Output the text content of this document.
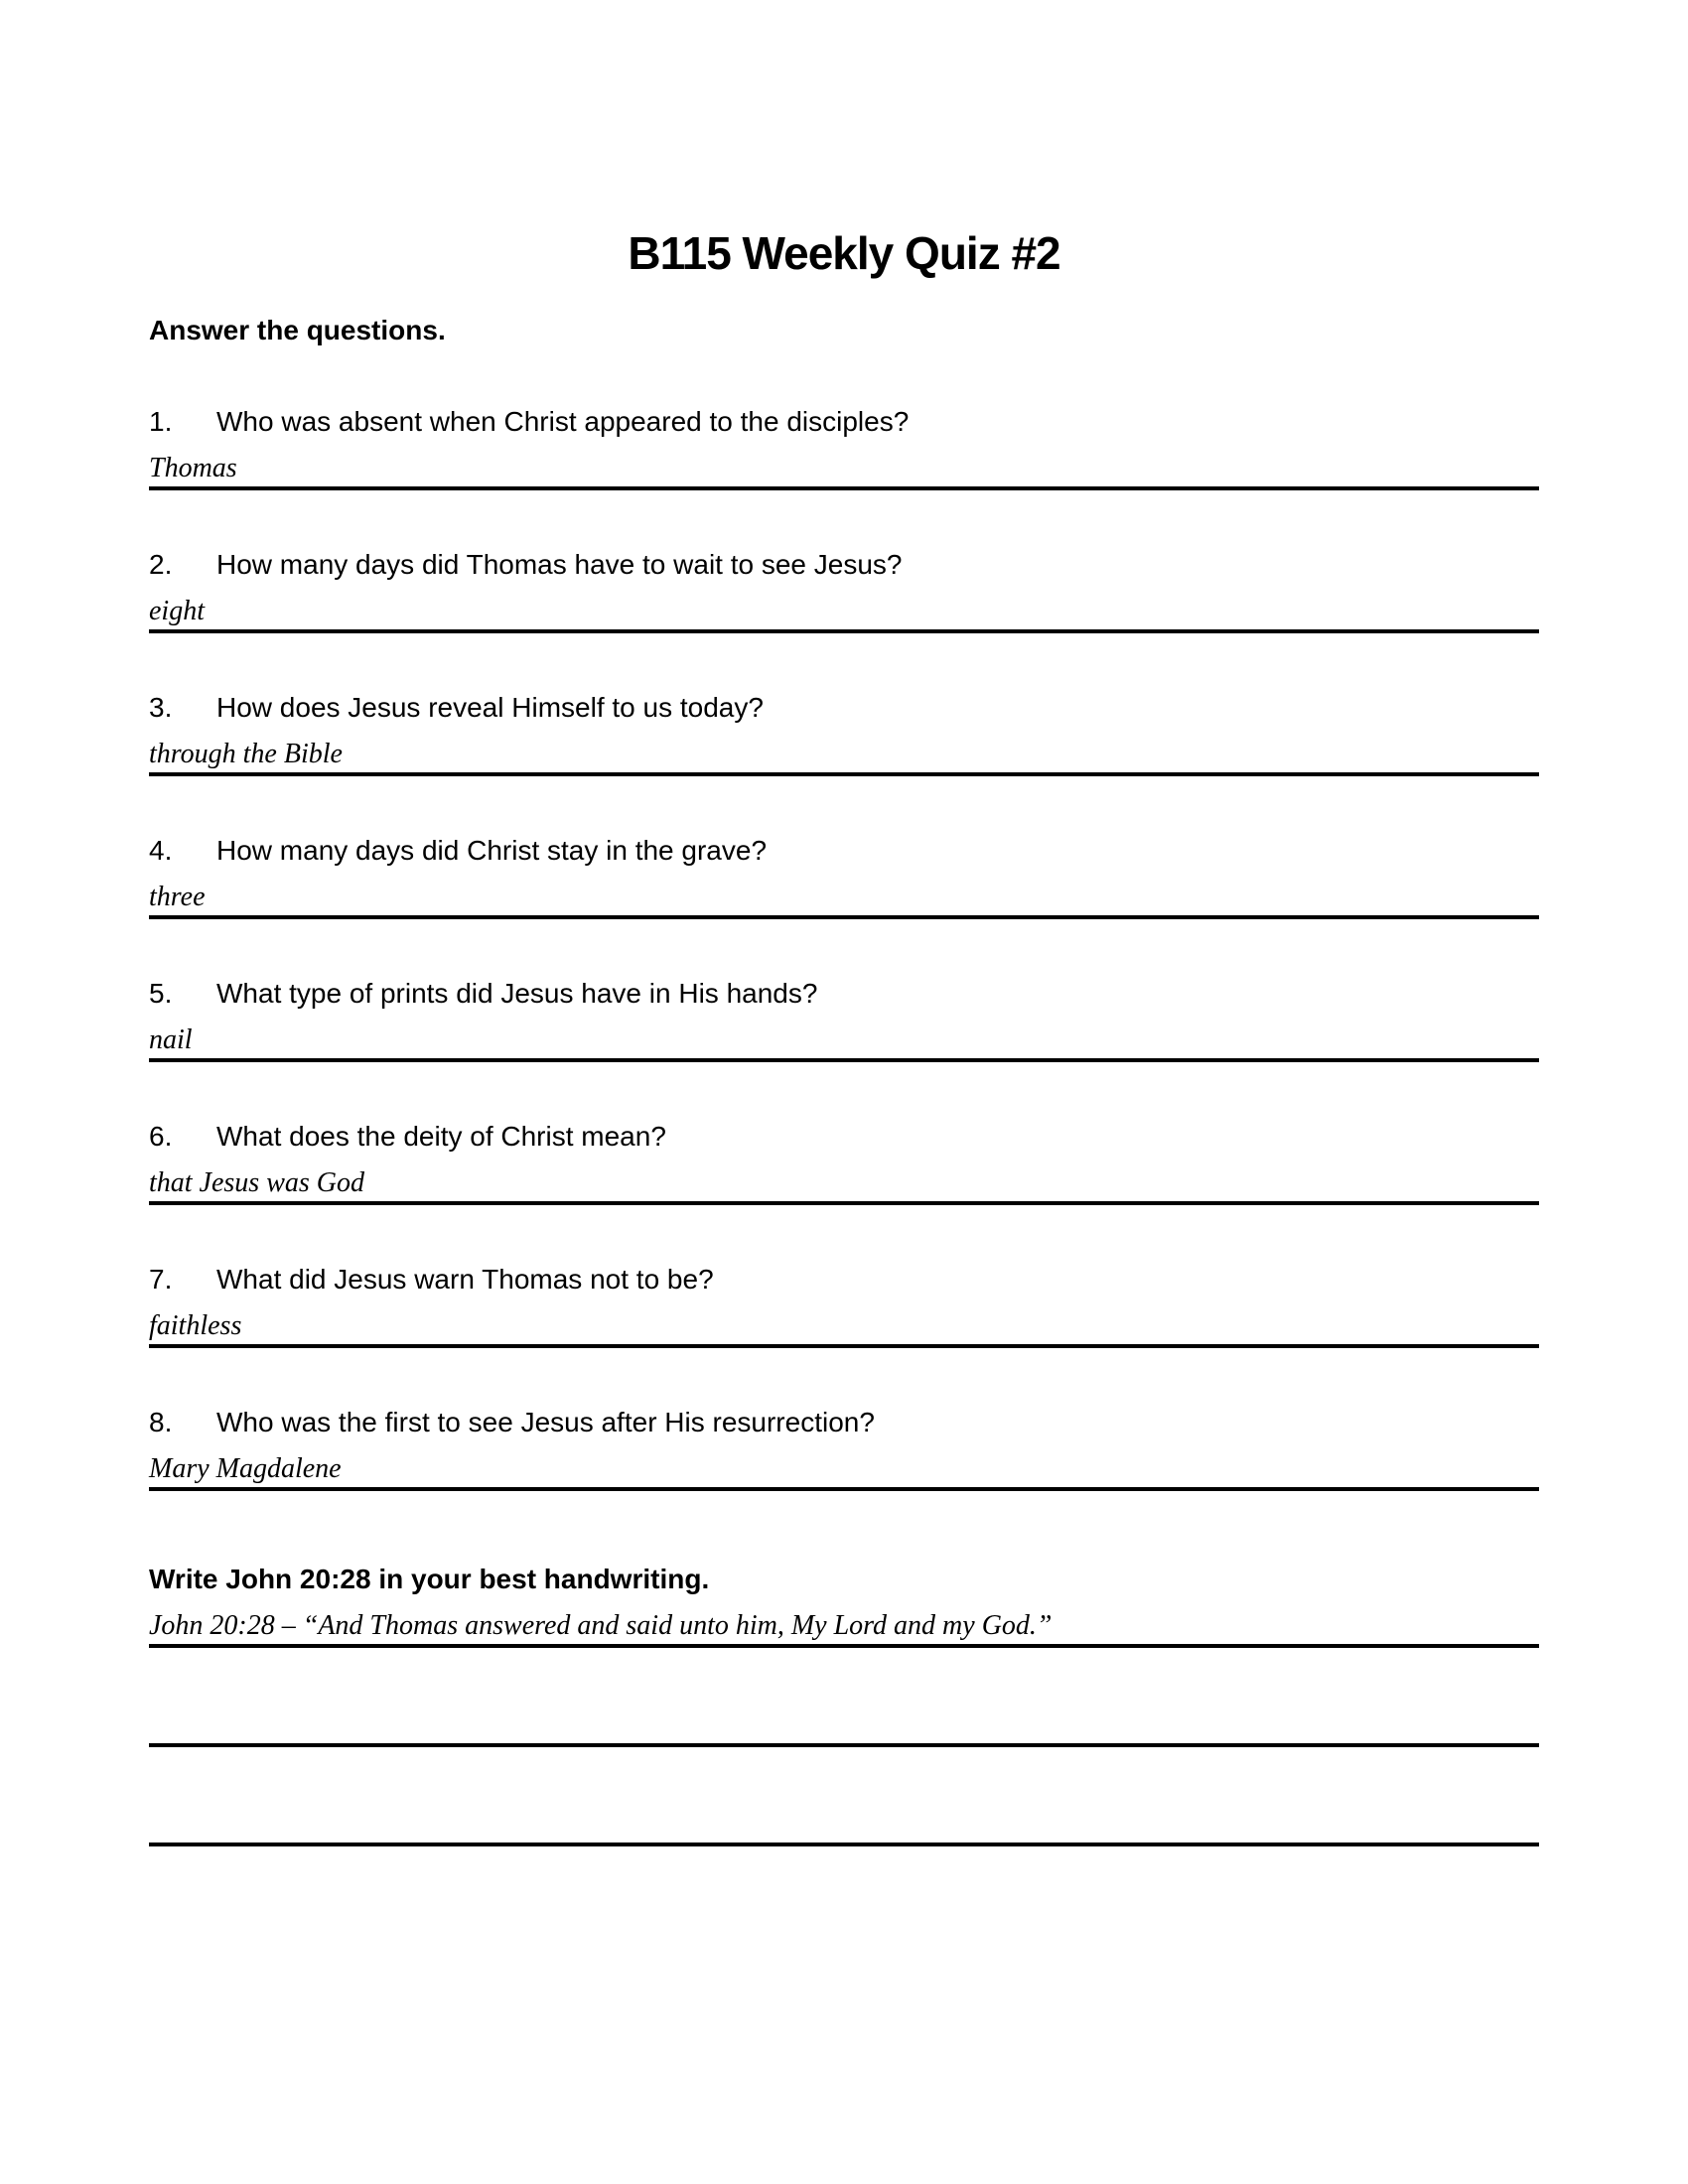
B115 Weekly Quiz #2
Answer the questions.
1.	Who was absent when Christ appeared to the disciples?
Thomas
2.	How many days did Thomas have to wait to see Jesus?
eight
3.	How does Jesus reveal Himself to us today?
through the Bible
4.	How many days did Christ stay in the grave?
three
5.	What type of prints did Jesus have in His hands?
nail
6.	What does the deity of Christ mean?
that Jesus was God
7.	What did Jesus warn Thomas not to be?
faithless
8.	Who was the first to see Jesus after His resurrection?
Mary Magdalene
Write John 20:28 in your best handwriting.
John 20:28 – “And Thomas answered and said unto him, My Lord and my God.”
